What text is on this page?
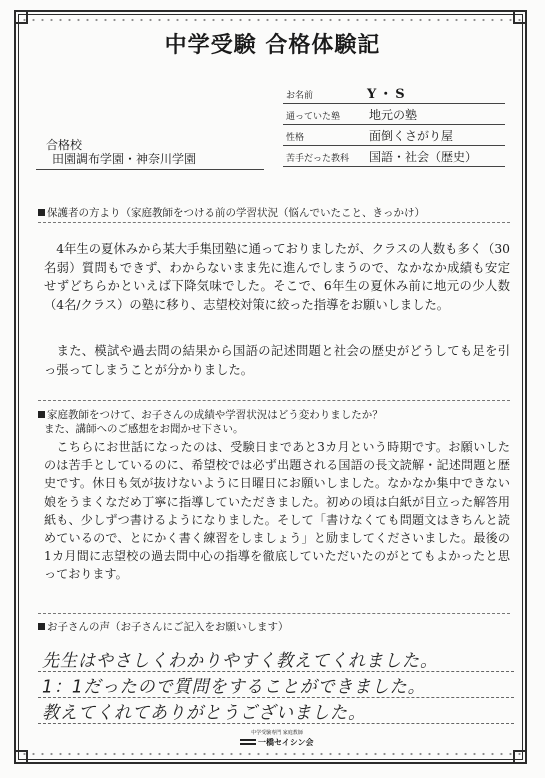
中学受験 合格体験記
お名前	Y・S
通っていた塾 地元の塾
性格	面倒くさがり屋
苦手だった教科 国語・社会（歴史）
合格校
田園調布学園・神奈川学園
保護者の方より（家庭教師をつける前の学習状況（悩んでいたこと、きっかけ）
　4年生の夏休みから某大手集団塾に通っておりましたが、クラスの人数も多く（30名弱）質問もできず、わからないまま先に進んでしまうので、なかなか成績も安定せずどちらかといえば下降気味でした。そこで、6年生の夏休み前に地元の少人数（4名/クラス）の塾に移り、志望校対策に絞った指導をお願いしました。
　また、模試や過去問の結果から国語の記述問題と社会の歴史がどうしても足を引っ張ってしまうことが分かりました。
家庭教師をつけて、お子さんの成績や学習状況はどう変わりましたか？
また、講師へのご感想をお聞かせ下さい。
　こちらにお世話になったのは、受験日まであと3カ月という時期です。お願いしたのは苦手としているのに、希望校では必ず出題される国語の長文読解・記述問題と歴史です。休日も気が抜けないように日曜日にお願いしました。なかなか集中できない娘をうまくなだめ丁寧に指導していただきました。初めの頃は白紙が目立った解答用紙も、少しずつ書けるようになりました。そして「書けなくても問題文はきちんと読めているので、とにかく書く練習をしましょう」と励ましてくださいました。最後の1カ月間に志望校の過去問中心の指導を徹底していただいたのがとてもよかったと思っております。
お子さんの声（お子さんにご記入をお願いします）
先生はやさしくわかりやすく教えてくれました。
1：1だったので質問をすることができました。
教えてくれてありがとうございました。
中学受験専門 家庭教師
一橋セイシン会
